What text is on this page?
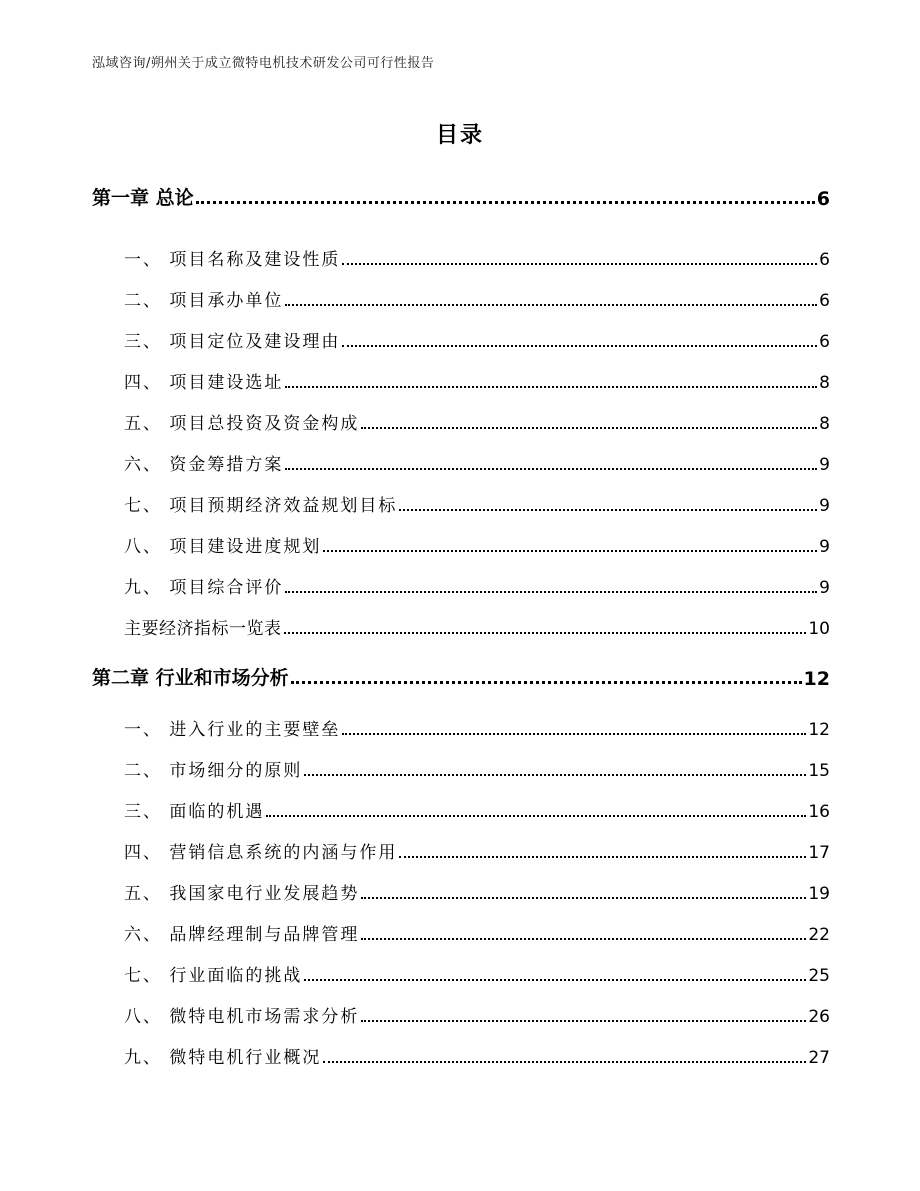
泓域咨询/朔州关于成立微特电机技术研发公司可行性报告
目录
第一章 总论	6
一、 项目名称及建设性质	6
二、 项目承办单位	6
三、 项目定位及建设理由	6
四、 项目建设选址	8
五、 项目总投资及资金构成	8
六、 资金筹措方案	9
七、 项目预期经济效益规划目标	9
八、 项目建设进度规划	9
九、 项目综合评价	9
主要经济指标一览表	10
第二章 行业和市场分析	12
一、 进入行业的主要壁垒	12
二、 市场细分的原则	15
三、 面临的机遇	16
四、 营销信息系统的内涵与作用	17
五、 我国家电行业发展趋势	19
六、 品牌经理制与品牌管理	22
七、 行业面临的挑战	25
八、 微特电机市场需求分析	26
九、 微特电机行业概况	27
